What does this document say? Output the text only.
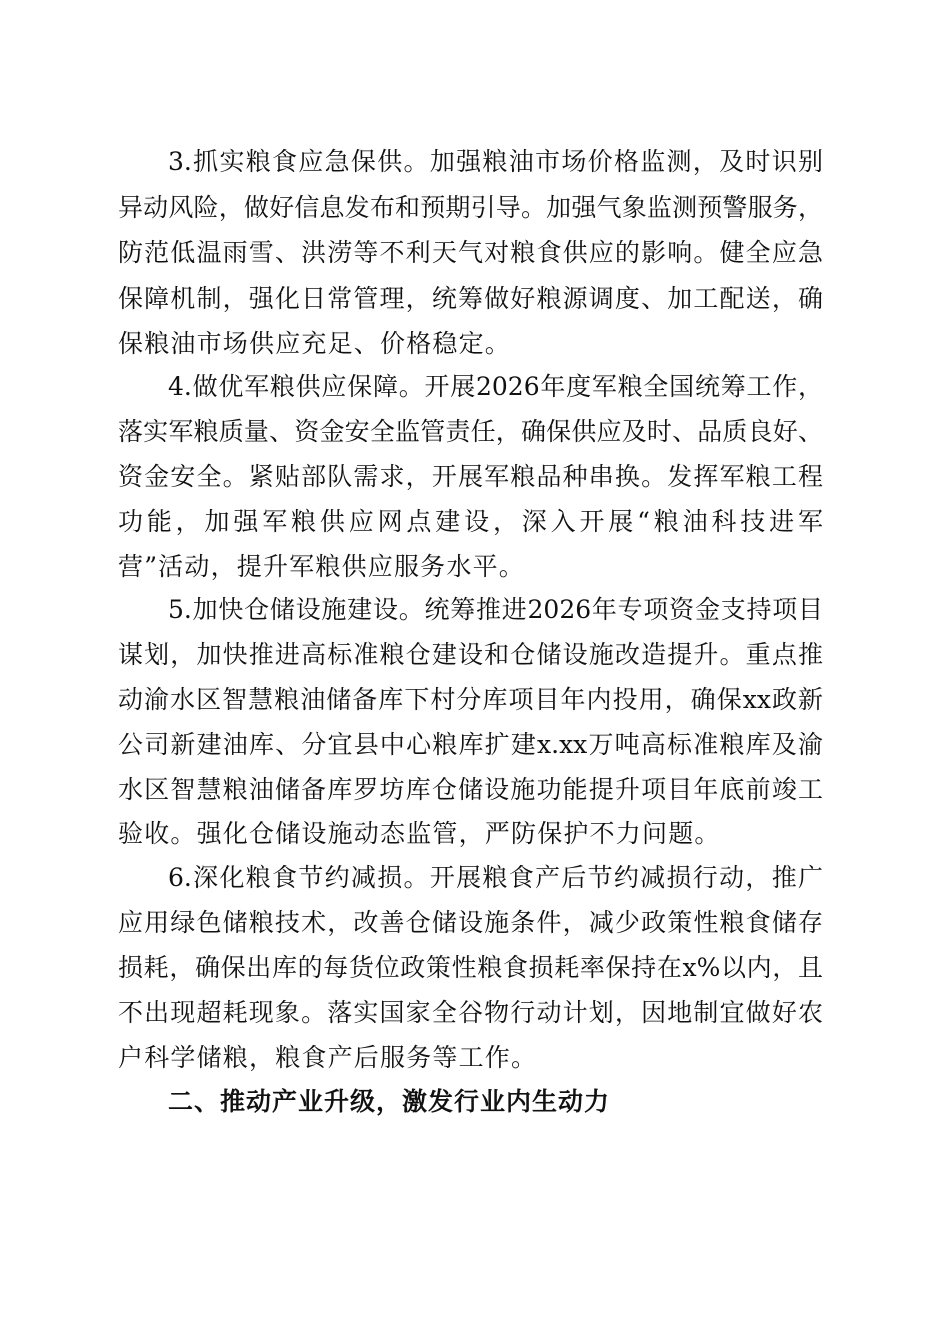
3.抓实粮食应急保供。加强粮油市场价格监测，及时识别
异动风险，做好信息发布和预期引导。加强气象监测预警服务，
防范低温雨雪、洪涝等不利天气对粮食供应的影响。健全应急
保障机制，强化日常管理，统筹做好粮源调度、加工配送，确
保粮油市场供应充足、价格稳定。
4.做优军粮供应保障。开展2026年度军粮全国统筹工作，
落实军粮质量、资金安全监管责任，确保供应及时、品质良好、
资金安全。紧贴部队需求，开展军粮品种串换。发挥军粮工程
功能，加强军粮供应网点建设，深入开展“粮油科技进军
营”活动，提升军粮供应服务水平。
5.加快仓储设施建设。统筹推进2026年专项资金支持项目
谋划，加快推进高标准粮仓建设和仓储设施改造提升。重点推
动渝水区智慧粮油储备库下村分库项目年内投用，确保xx政新
公司新建油库、分宜县中心粮库扩建x.xx万吨高标准粮库及渝
水区智慧粮油储备库罗坊库仓储设施功能提升项目年底前竣工
验收。强化仓储设施动态监管，严防保护不力问题。
6.深化粮食节约减损。开展粮食产后节约减损行动，推广
应用绿色储粮技术，改善仓储设施条件，减少政策性粮食储存
损耗，确保出库的每货位政策性粮食损耗率保持在x%以内，且
不出现超耗现象。落实国家全谷物行动计划，因地制宜做好农
户科学储粮，粮食产后服务等工作。
二、推动产业升级，激发行业内生动力
